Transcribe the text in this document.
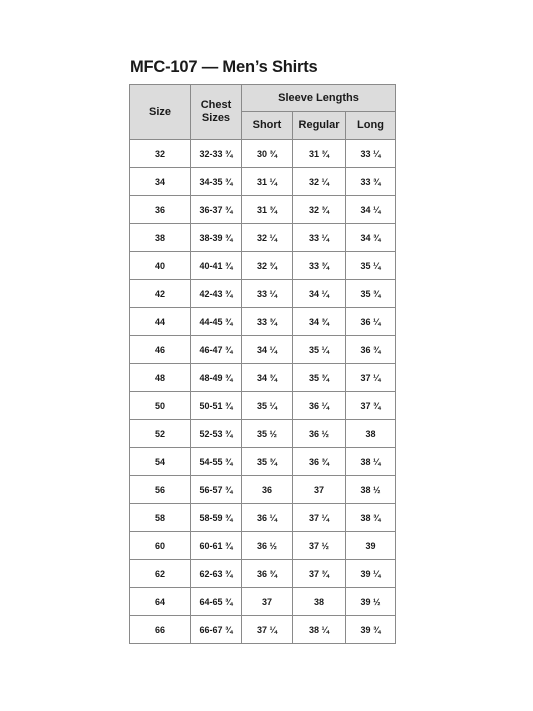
MFC-107 — Men’s Shirts
Size	Chest Sizes	Sleeve Lengths		
		Short	Regular	Long
32	32-33 ¾	30 ¾	31 ¾	33 ¼
34	34-35 ¾	31 ¼	32 ¼	33 ¾
36	36-37 ¾	31 ¾	32 ¾	34 ¼
38	38-39 ¾	32 ¼	33 ¼	34 ¾
40	40-41 ¾	32 ¾	33 ¾	35 ¼
42	42-43 ¾	33 ¼	34 ¼	35 ¾
44	44-45 ¾	33 ¾	34 ¾	36 ¼
46	46-47 ¾	34 ¼	35 ¼	36 ¾
48	48-49 ¾	34 ¾	35 ¾	37 ¼
50	50-51 ¾	35 ¼	36 ¼	37 ¾
52	52-53 ¾	35 ½	36 ½	38
54	54-55 ¾	35 ¾	36 ¾	38 ¼
56	56-57 ¾	36	37	38 ½
58	58-59 ¾	36 ¼	37 ¼	38 ¾
60	60-61 ¾	36 ½	37 ½	39
62	62-63 ¾	36 ¾	37 ¾	39 ¼
64	64-65 ¾	37	38	39 ½
66	66-67 ¾	37 ¼	38 ¼	39 ¾
